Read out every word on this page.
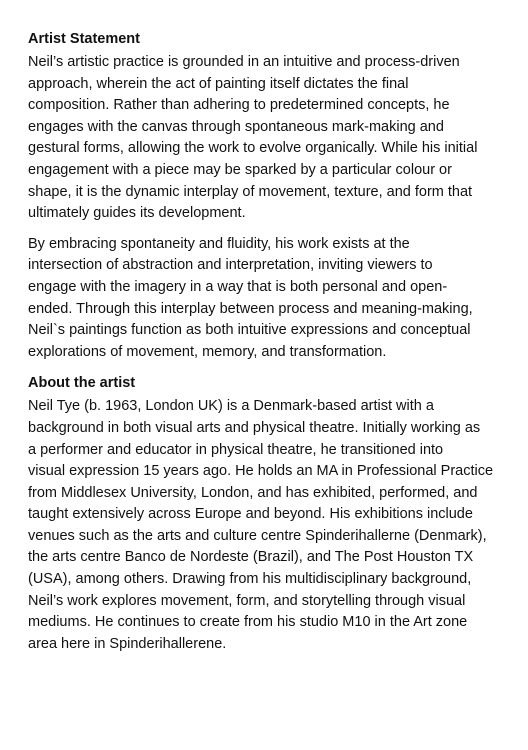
Artist Statement

Neil’s artistic practice is grounded in an intuitive and process-driven
approach, wherein the act of painting itself dictates the final
composition. Rather than adhering to predetermined concepts, he
engages with the canvas through spontaneous mark-making and
gestural forms, allowing the work to evolve organically. While his initial
engagement with a piece may be sparked by a particular colour or
shape, it is the dynamic interplay of movement, texture, and form that
ultimately guides its development.

By embracing spontaneity and fluidity, his work exists at the
intersection of abstraction and interpretation, inviting viewers to
engage with the imagery in a way that is both personal and open-
ended. Through this interplay between process and meaning-making,
Neil`s paintings function as both intuitive expressions and conceptual
explorations of movement, memory, and transformation.

About the artist

Neil Tye (b. 1963, London UK) is a Denmark-based artist with a
background in both visual arts and physical theatre. Initially working as
a performer and educator in physical theatre, he transitioned into
visual expression 15 years ago. He holds an MA in Professional Practice
from Middlesex University, London, and has exhibited, performed, and
taught extensively across Europe and beyond. His exhibitions include
venues such as the arts and culture centre Spinderihallerne (Denmark),
the arts centre Banco de Nordeste (Brazil), and The Post Houston TX
(USA), among others. Drawing from his multidisciplinary background,
Neil’s work explores movement, form, and storytelling through visual
mediums. He continues to create from his studio M10 in the Art zone
area here in Spinderihallerene.
